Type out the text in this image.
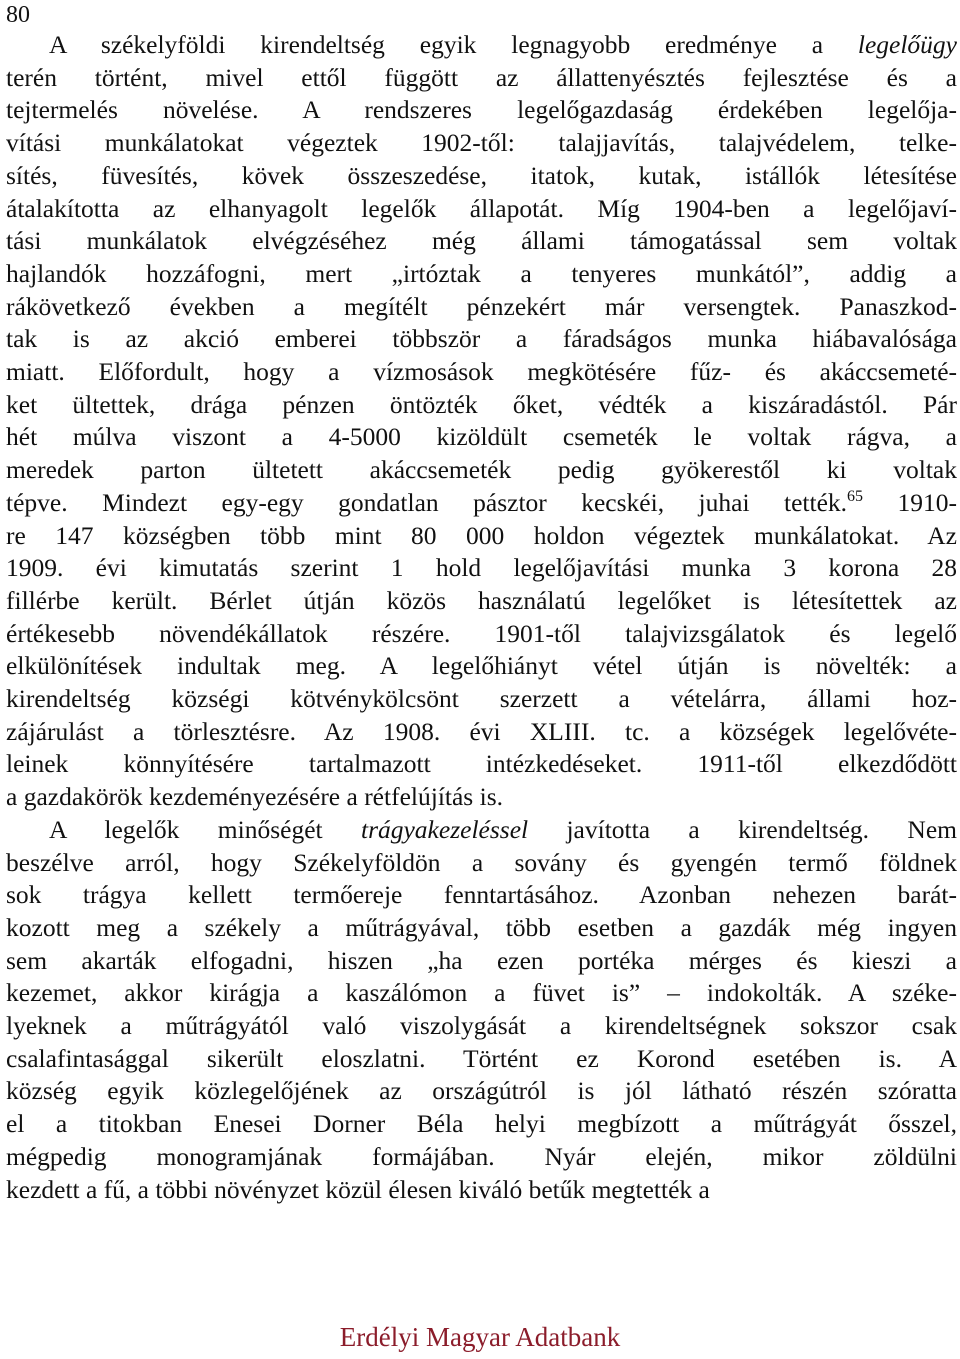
80
A székelyföldi kirendeltség egyik legnagyobb eredménye a legelőügy
terén történt, mivel ettől függött az állattenyésztés fejlesztése és a
tejtermelés növelése. A rendszeres legelőgazdaság érdekében legelőja-
vítási munkálatokat végeztek 1902-től: talajjavítás, talajvédelem, telke-
sítés, füvesítés, kövek összeszedése, itatok, kutak, istállók létesítése
átalakította az elhanyagolt legelők állapotát. Míg 1904-ben a legelőjaví-
tási munkálatok elvégzéséhez még állami támogatással sem voltak
hajlandók hozzáfogni, mert „irtóztak a tenyeres munkától”, addig a
rákövetkező években a megítélt pénzekért már versengtek. Panaszkod-
tak is az akció emberei többször a fáradságos munka hiábavalósága
miatt. Előfordult, hogy a vízmosások megkötésére fűz- és akáccsemeté-
ket ültettek, drága pénzen öntözték őket, védték a kiszáradástól. Pár
hét múlva viszont a 4-5000 kizöldült csemeték le voltak rágva, a
meredek parton ültetett akáccsemeték pedig gyökerestől ki voltak
tépve. Mindezt egy-egy gondatlan pásztor kecskéi, juhai tették.$^{65}$ 1910-
re 147 községben több mint 80 000 holdon végeztek munkálatokat. Az
1909. évi kimutatás szerint 1 hold legelőjavítási munka 3 korona 28
fillérbe került. Bérlet útján közös használatú legelőket is létesítettek az
értékesebb növendékállatok részére. 1901-től talajvizsgálatok és legelő
elkülönítések indultak meg. A legelőhiányt vétel útján is növelték: a
kirendeltség községi kötvénykölcsönt szerzett a vételárra, állami hoz-
zájárulást a törlesztésre. Az 1908. évi XLIII. tc. a községek legelővéte-
leinek könnyítésére tartalmazott intézkedéseket. 1911-től elkezdődött
a gazdakörök kezdeményezésére a rétfelújítás is.
A legelők minőségét trágyakezeléssel javította a kirendeltség. Nem
beszélve arról, hogy Székelyföldön a sovány és gyengén termő földnek
sok trágya kellett termőereje fenntartásához. Azonban nehezen barát-
kozott meg a székely a műtrágyával, több esetben a gazdák még ingyen
sem akarták elfogadni, hiszen „ha ezen portéka mérges és kieszi a
kezemet, akkor kirágja a kaszálómon a füvet is” – indokolták. A széke-
lyeknek a műtrágyától való viszolygását a kirendeltségnek sokszor csak
csalafintasággal sikerült eloszlatni. Történt ez Korond esetében is. A
község egyik közlegelőjének az országútról is jól látható részén szóratta
el a titokban Enesei Dorner Béla helyi megbízott a műtrágyát ősszel,
mégpedig monogramjának formájában. Nyár elején, mikor zöldülni
kezdett a fű, a többi növényzet közül élesen kiváló betűk megtették a
Erdélyi Magyar Adatbank
